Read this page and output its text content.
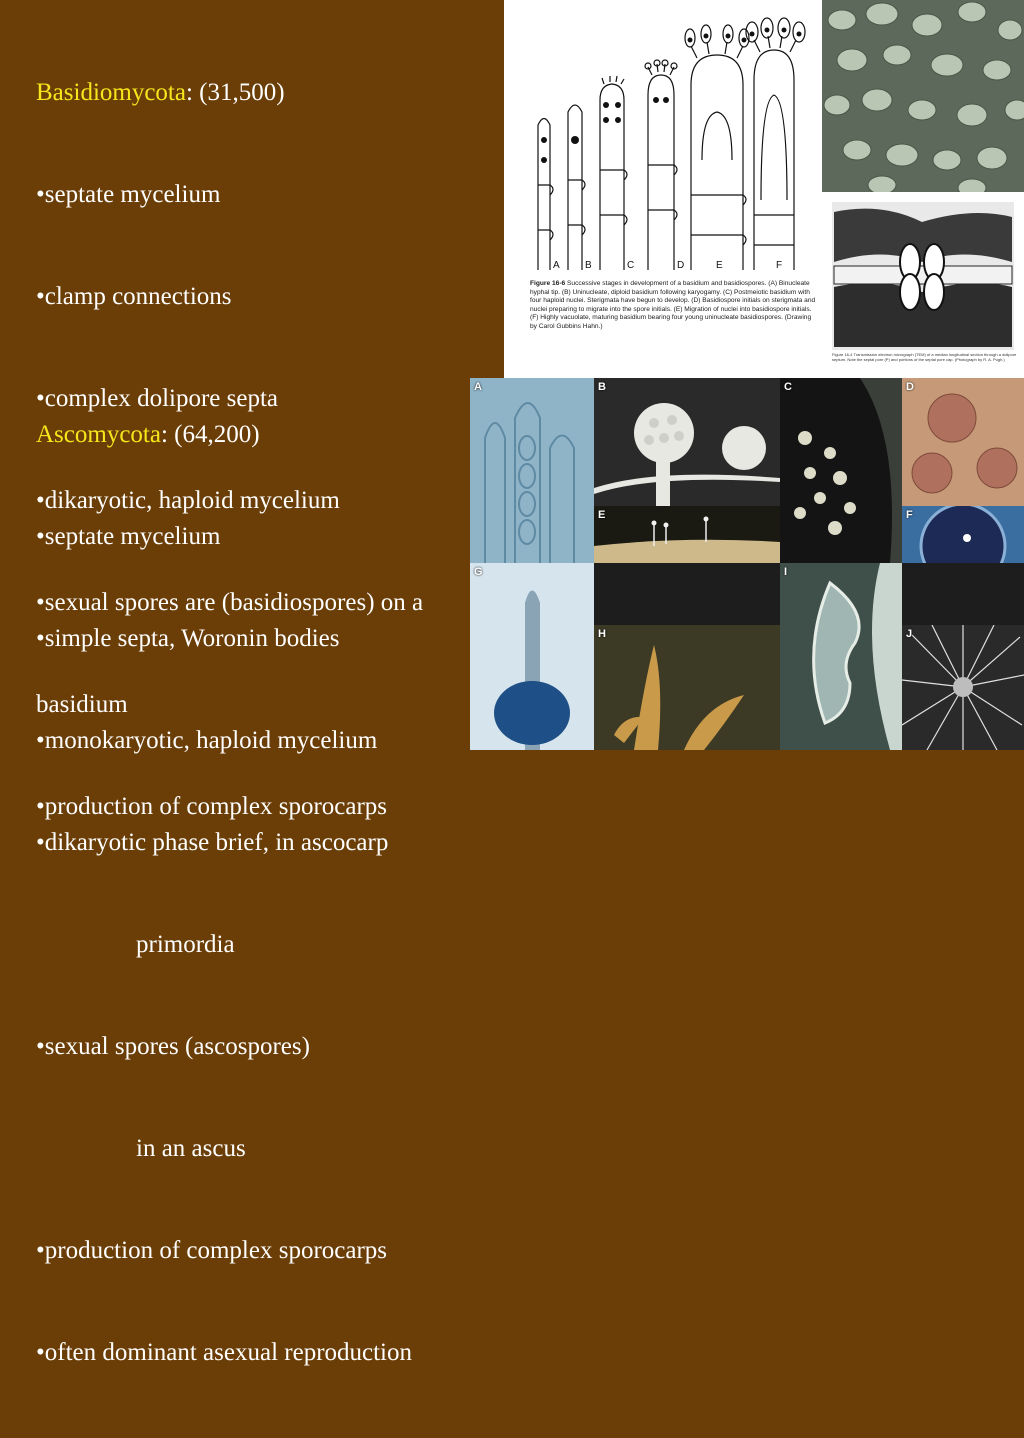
Basidiomycota: (31,500)

•septate mycelium

•clamp connections

•complex dolipore septa

•dikaryotic, haploid mycelium

•sexual spores are (basidiospores) on a

basidium

•production of complex sporocarps

Ascomycota: (64,200)

•septate mycelium

•simple septa, Woronin bodies

•monokaryotic, haploid mycelium

•dikaryotic phase brief, in ascocarp

primordia

•sexual spores (ascospores)

in an ascus

•production of complex sporocarps

•often dominant asexual reproduction

A	B	C	D	E	F
Figure 16-6 Successive stages in development of a basidium and basidiospores. (A) Binucleate hyphal tip. (B) Uninucleate, diploid basidium following karyogamy. (C) Postmeiotic basidium with four haploid nuclei. Sterigmata have begun to develop. (D) Basidiospore initials on sterigmata and nuclei preparing to migrate into the spore initials. (E) Migration of nuclei into basidiospore initials. (F) Highly vacuolate, maturing basidium bearing four young uninucleate basidiospores. (Drawing by Carol Gubbins Hahn.)
Figure 16-4 Transmission electron micrograph (TEM) of a median longitudinal section through a dolipore septum. Note the septal pore (P) and portions of the septal pore cap. (Photograph by R. A. Pugh.)
A	B	C	D
E	F
G
H
I
J
